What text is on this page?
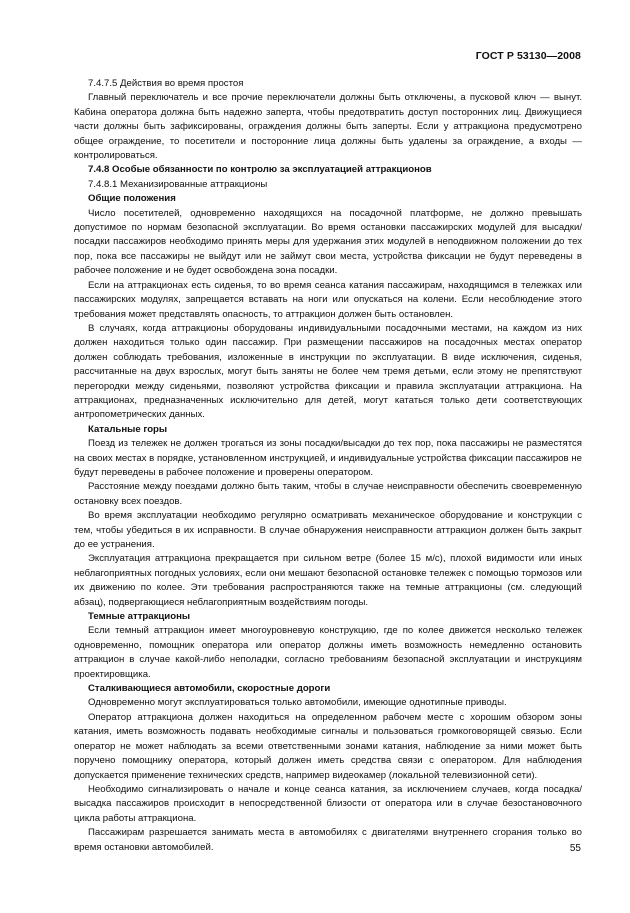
ГОСТ Р 53130—2008

7.4.7.5 Действия во время простоя

Главный переключатель и все прочие переключатели должны быть отключены, а пусковой ключ — вынут. Кабина оператора должна быть надежно заперта, чтобы предотвратить доступ посторонних лиц. Движущиеся части должны быть зафиксированы, ограждения должны быть заперты. Если у аттракциона предусмотрено общее ограждение, то посетители и посторонние лица должны быть удалены за ограждение, а входы — контролироваться.

7.4.8 Особые обязанности по контролю за эксплуатацией аттракционов

7.4.8.1 Механизированные аттракционы

Общие положения

Число посетителей, одновременно находящихся на посадочной платформе, не должно превышать допустимое по нормам безопасной эксплуатации. Во время остановки пассажирских модулей для высадки/посадки пассажиров необходимо принять меры для удержания этих модулей в неподвижном положении до тех пор, пока все пассажиры не выйдут или не займут свои места, устройства фиксации не будут переведены в рабочее положение и не будет освобождена зона посадки.

Если на аттракционах есть сиденья, то во время сеанса катания пассажирам, находящимся в тележках или пассажирских модулях, запрещается вставать на ноги или опускаться на колени. Если несоблюдение этого требования может представлять опасность, то аттракцион должен быть остановлен.

В случаях, когда аттракционы оборудованы индивидуальными посадочными местами, на каждом из них должен находиться только один пассажир. При размещении пассажиров на посадочных местах оператор должен соблюдать требования, изложенные в инструкции по эксплуатации. В виде исключения, сиденья, рассчитанные на двух взрослых, могут быть заняты не более чем тремя детьми, если этому не препятствуют перегородки между сиденьями, позволяют устройства фиксации и правила эксплуатации аттракциона. На аттракционах, предназначенных исключительно для детей, могут кататься только дети соответствующих антропометрических данных.

Катальные горы

Поезд из тележек не должен трогаться из зоны посадки/высадки до тех пор, пока пассажиры не разместятся на своих местах в порядке, установленном инструкцией, и индивидуальные устройства фиксации пассажиров не будут переведены в рабочее положение и проверены оператором.

Расстояние между поездами должно быть таким, чтобы в случае неисправности обеспечить своевременную остановку всех поездов.

Во время эксплуатации необходимо регулярно осматривать механическое оборудование и конструкции с тем, чтобы убедиться в их исправности. В случае обнаружения неисправности аттракцион должен быть закрыт до ее устранения.

Эксплуатация аттракциона прекращается при сильном ветре (более 15 м/с), плохой видимости или иных неблагоприятных погодных условиях, если они мешают безопасной остановке тележек с помощью тормозов или их движению по колее. Эти требования распространяются также на темные аттракционы (см. следующий абзац), подвергающиеся неблагоприятным воздействиям погоды.

Темные аттракционы

Если темный аттракцион имеет многоуровневую конструкцию, где по колее движется несколько тележек одновременно, помощник оператора или оператор должны иметь возможность немедленно остановить аттракцион в случае какой-либо неполадки, согласно требованиям безопасной эксплуатации и инструкциям проектировщика.

Сталкивающиеся автомобили, скоростные дороги

Одновременно могут эксплуатироваться только автомобили, имеющие однотипные приводы.

Оператор аттракциона должен находиться на определенном рабочем месте с хорошим обзором зоны катания, иметь возможность подавать необходимые сигналы и пользоваться громкоговорящей связью. Если оператор не может наблюдать за всеми ответственными зонами катания, наблюдение за ними может быть поручено помощнику оператора, который должен иметь средства связи с оператором. Для наблюдения допускается применение технических средств, например видеокамер (локальной телевизионной сети).

Необходимо сигнализировать о начале и конце сеанса катания, за исключением случаев, когда посадка/высадка пассажиров происходит в непосредственной близости от оператора или в случае безостановочного цикла работы аттракциона.

Пассажирам разрешается занимать места в автомобилях с двигателями внутреннего сгорания только во время остановки автомобилей.	55
